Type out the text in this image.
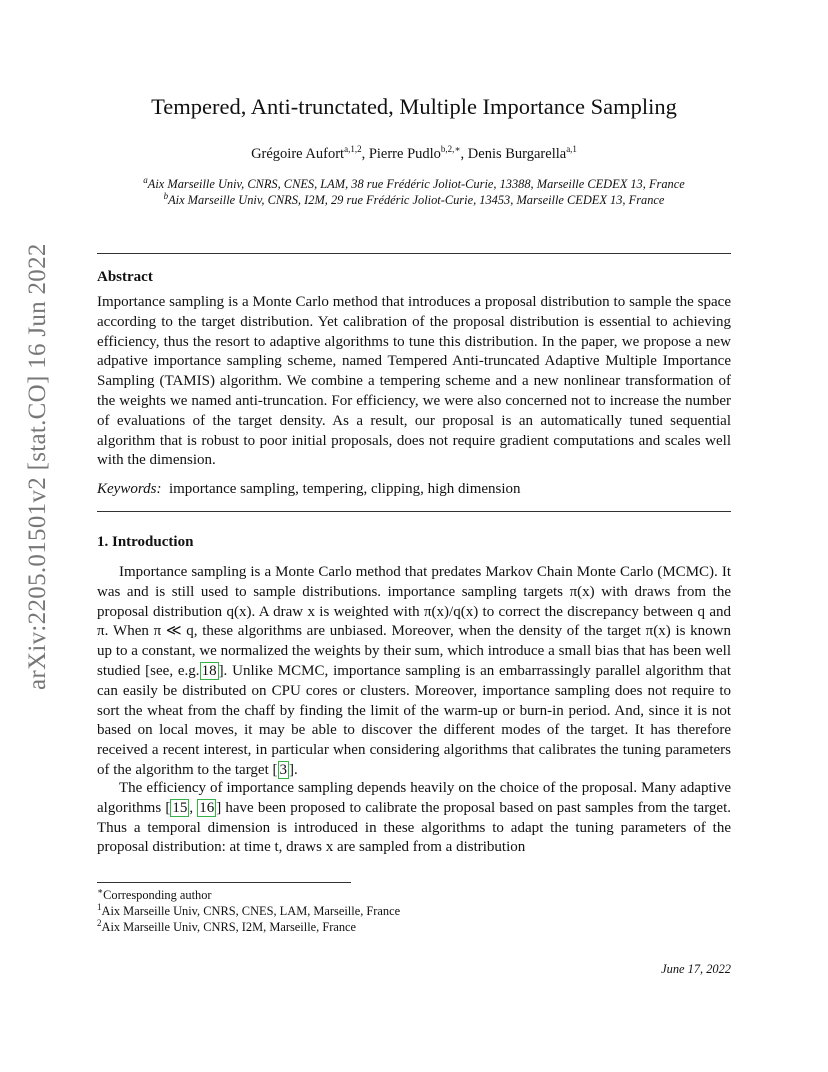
arXiv:2205.01501v2 [stat.CO] 16 Jun 2022
Tempered, Anti-trunctated, Multiple Importance Sampling
Grégoire Aufort$^{a,1,2}$, Pierre Pudlo$^{b,2,∗}$, Denis Burgarella$^{a,1}$
$^a$Aix Marseille Univ, CNRS, CNES, LAM, 38 rue Frédéric Joliot-Curie, 13388, Marseille CEDEX 13, France
$^b$Aix Marseille Univ, CNRS, I2M, 29 rue Frédéric Joliot-Curie, 13453, Marseille CEDEX 13, France
Abstract

Importance sampling is a Monte Carlo method that introduces a proposal distribution to sample the space according to the target distribution. Yet calibration of the proposal distribution is essential to achieving efficiency, thus the resort to adaptive algorithms to tune this distribution. In the paper, we propose a new adpative importance sampling scheme, named Tempered Anti-truncated Adaptive Multiple Importance Sampling (TAMIS) algorithm. We combine a tempering scheme and a new nonlinear transformation of the weights we named anti-truncation. For efficiency, we were also concerned not to increase the number of evaluations of the target density. As a result, our proposal is an automatically tuned sequential algorithm that is robust to poor initial proposals, does not require gradient computations and scales well with the dimension.

Keywords: importance sampling, tempering, clipping, high dimension
1. Introduction

Importance sampling is a Monte Carlo method that predates Markov Chain Monte Carlo (MCMC). It was and is still used to sample distributions. importance sampling targets π(x) with draws from the proposal distribution q(x). A draw x is weighted with π(x)/q(x) to correct the discrepancy between q and π. When π ≪ q, these algorithms are unbiased. Moreover, when the density of the target π(x) is known up to a constant, we normalized the weights by their sum, which introduce a small bias that has been well studied [see, e.g. 18 ]. Unlike MCMC, importance sampling is an embarrassingly parallel algorithm that can easily be distributed on CPU cores or clusters. Moreover, importance sampling does not require to sort the wheat from the chaff by finding the limit of the warm-up or burn-in period. And, since it is not based on local moves, it may be able to discover the different modes of the target. It has therefore received a recent interest, in particular when considering algorithms that calibrates the tuning parameters of the algorithm to the target [ 3 ].

The efficiency of importance sampling depends heavily on the choice of the proposal. Many adaptive algorithms [ 15 , 16 ] have been proposed to calibrate the proposal based on past samples from the target. Thus a temporal dimension is introduced in these algorithms to adapt the tuning parameters of the proposal distribution: at time t, draws x are sampled from a distribution

∗Corresponding author
$^1$Aix Marseille Univ, CNRS, CNES, LAM, Marseille, France
$^2$Aix Marseille Univ, CNRS, I2M, Marseille, France
June 17, 2022
